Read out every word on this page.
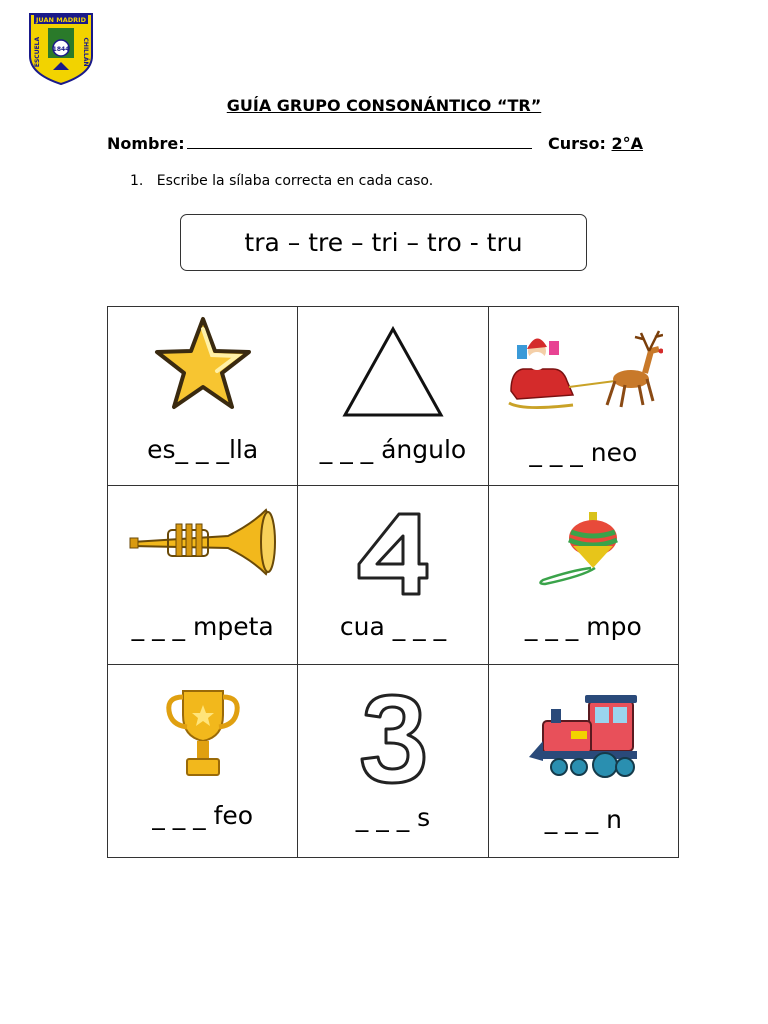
JUAN MADRID
ESCUELA	CHILLÁN
1844
GUÍA GRUPO CONSONÁNTICO “TR”
Nombre:	Curso: 2°A
1. Escribe la sílaba correcta en cada caso.
tra – tre – tri – tro - tru
es_ _ _lla	_ _ _ ángulo	_ _ _ neo

_ _ _ mpeta	cua _ _ _	_ _ _ mpo

_ _ _ feo	_ _ _ s	_ _ _ n
